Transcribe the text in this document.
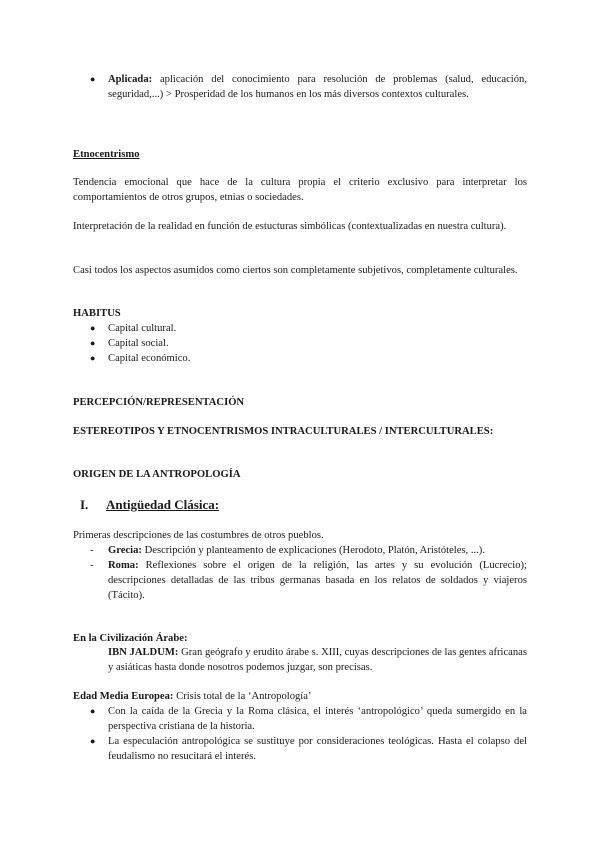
●	Aplicada: aplicación del conocimiento para resolución de problemas (salud, educación, seguridad,...) > Prosperidad de los humanos en los más diversos contextos culturales.
Etnocentrismo
Tendencia emocional que hace de la cultura propia el criterio exclusivo para interpretar los comportamientos de otros grupos, etnias o sociedades.
Interpretación de la realidad en función de estucturas simbólicas (contextualizadas en nuestra cultura).
Casi todos los aspectos asumidos como ciertos son completamente subjetivos, completamente culturales.
HABITUS
●	Capital cultural.
●	Capital social.
●	Capital económico.
PERCEPCIÓN/REPRESENTACIÓN
ESTEREOTIPOS Y ETNOCENTRISMOS INTRACULTURALES / INTERCULTURALES:
ORIGEN DE LA ANTROPOLOGÍA
I.	Antigüedad Clásica:
Primeras descripciones de las costumbres de otros pueblos.
-	Grecia: Descripción y planteamento de explicaciones (Herodoto, Platón, Aristóteles, ...).
-	Roma: Reflexiones sobre el origen de la religión, las artes y su evolución (Lucrecio); descripciones detalladas de las tribus germanas basada en los relatos de soldados y viajeros (Tácito).
En la Civilización Árabe:
IBN JALDUM: Gran geógrafo y erudito árabe s. XIII, cuyas descripciones de las gentes africanas y asiáticas hasta donde nosotros podemos juzgar, son precisas.
Edad Media Europea: Crisis total de la ‘Antropología’
●	Con la caída de la Grecia y la Roma clásica, el interés ‘antropológico’ queda sumergido en la perspectiva cristiana de la historia.
●	La especulación antropológica se sustituye por consideraciones teológicas. Hasta el colapso del feudalismo no resucitará el interés.
